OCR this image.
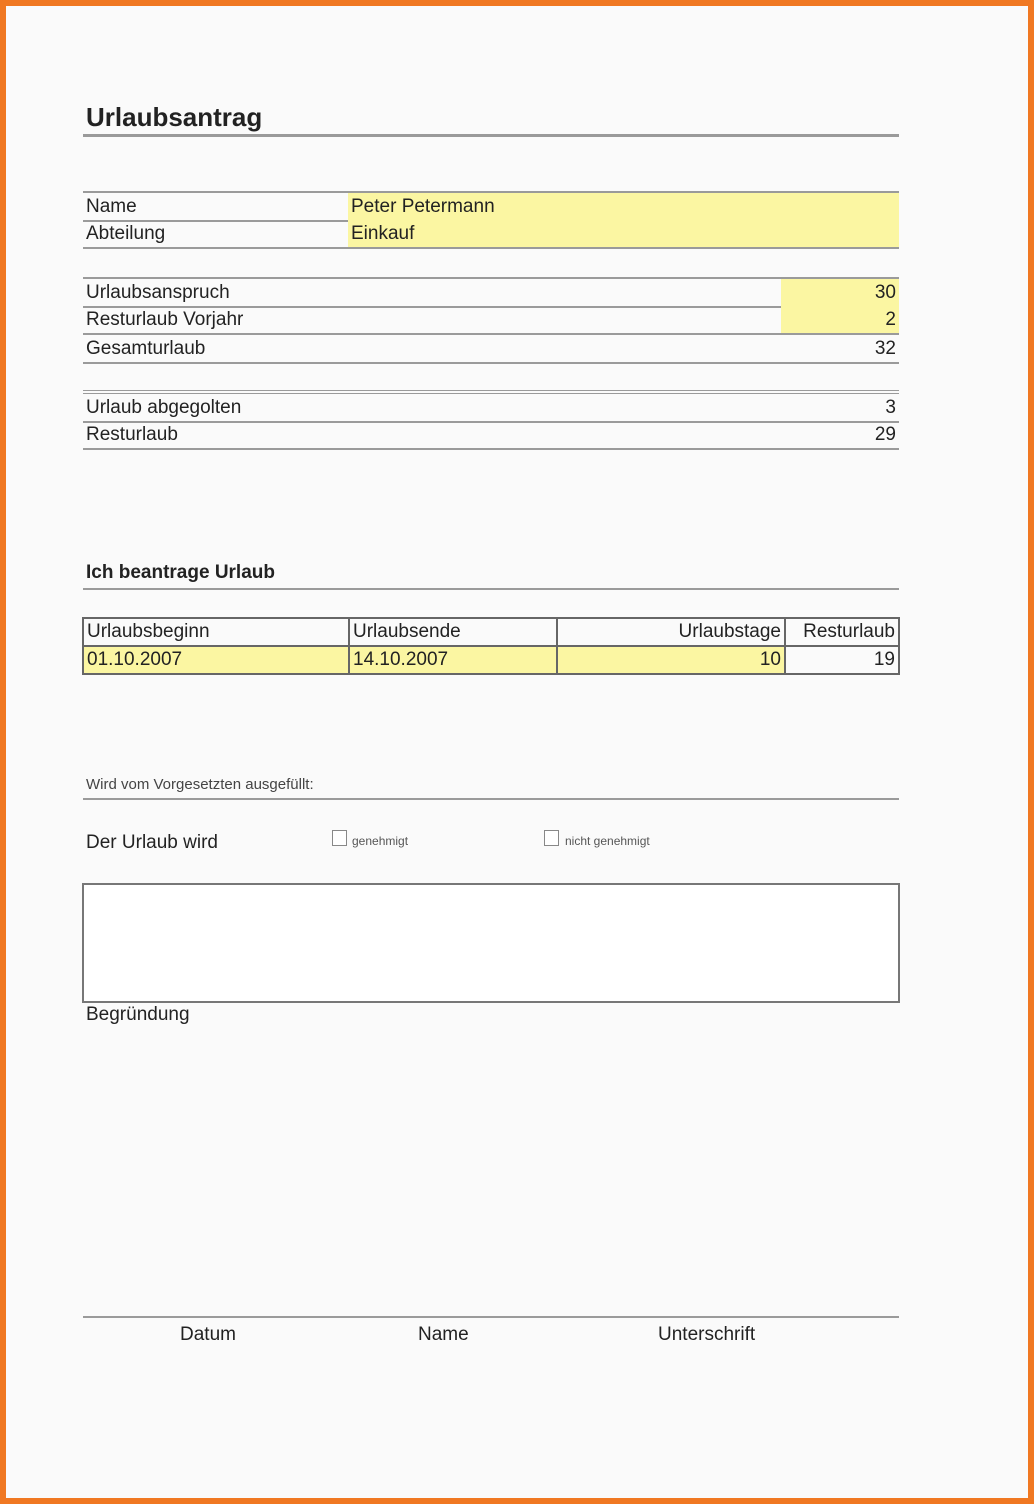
Urlaubsantrag
Name	Peter Petermann
Abteilung	Einkauf
Urlaubsanspruch	30
Resturlaub Vorjahr	2
Gesamturlaub	32
Urlaub abgegolten	3
Resturlaub	29
Ich beantrage Urlaub
Urlaubsbeginn	Urlaubsende	Urlaubstage	Resturlaub
01.10.2007	14.10.2007	10	19
Wird vom Vorgesetzten ausgefüllt:
Der Urlaub wird	genehmigt	nicht genehmigt
Begründung
Datum	Name	Unterschrift
